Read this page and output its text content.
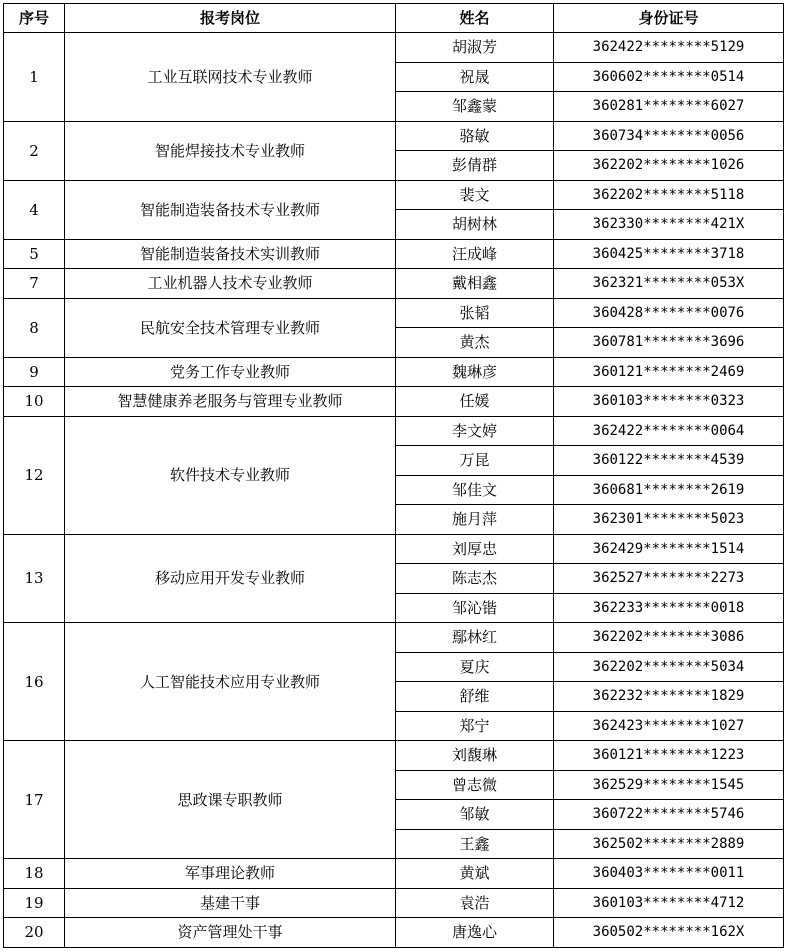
序号	报考岗位	姓名	身份证号
1	工业互联网技术专业教师	胡淑芳	362422********5129
		祝晟	360602********0514
		邹鑫蒙	360281********6027
2	智能焊接技术专业教师	骆敏	360734********0056
		彭倩群	362202********1026
4	智能制造装备技术专业教师	裴文	362202********5118
		胡树林	362330********421X
5	智能制造装备技术实训教师	汪成峰	360425********3718
7	工业机器人技术专业教师	戴相鑫	362321********053X
8	民航安全技术管理专业教师	张韬	360428********0076
		黄杰	360781********3696
9	党务工作专业教师	魏琳彦	360121********2469
10	智慧健康养老服务与管理专业教师	任媛	360103********0323
12	软件技术专业教师	李文婷	362422********0064
		万昆	360122********4539
		邹佳文	360681********2619
		施月萍	362301********5023
13	移动应用开发专业教师	刘厚忠	362429********1514
		陈志杰	362527********2273
		邹沁锴	362233********0018
16	人工智能技术应用专业教师	鄢林红	362202********3086
		夏庆	362202********5034
		舒维	362232********1829
		郑宁	362423********1027
17	思政课专职教师	刘馥琳	360121********1223
		曾志微	362529********1545
		邹敏	360722********5746
		王鑫	362502********2889
18	军事理论教师	黄斌	360403********0011
19	基建干事	袁浩	360103********4712
20	资产管理处干事	唐逸心	360502********162X
